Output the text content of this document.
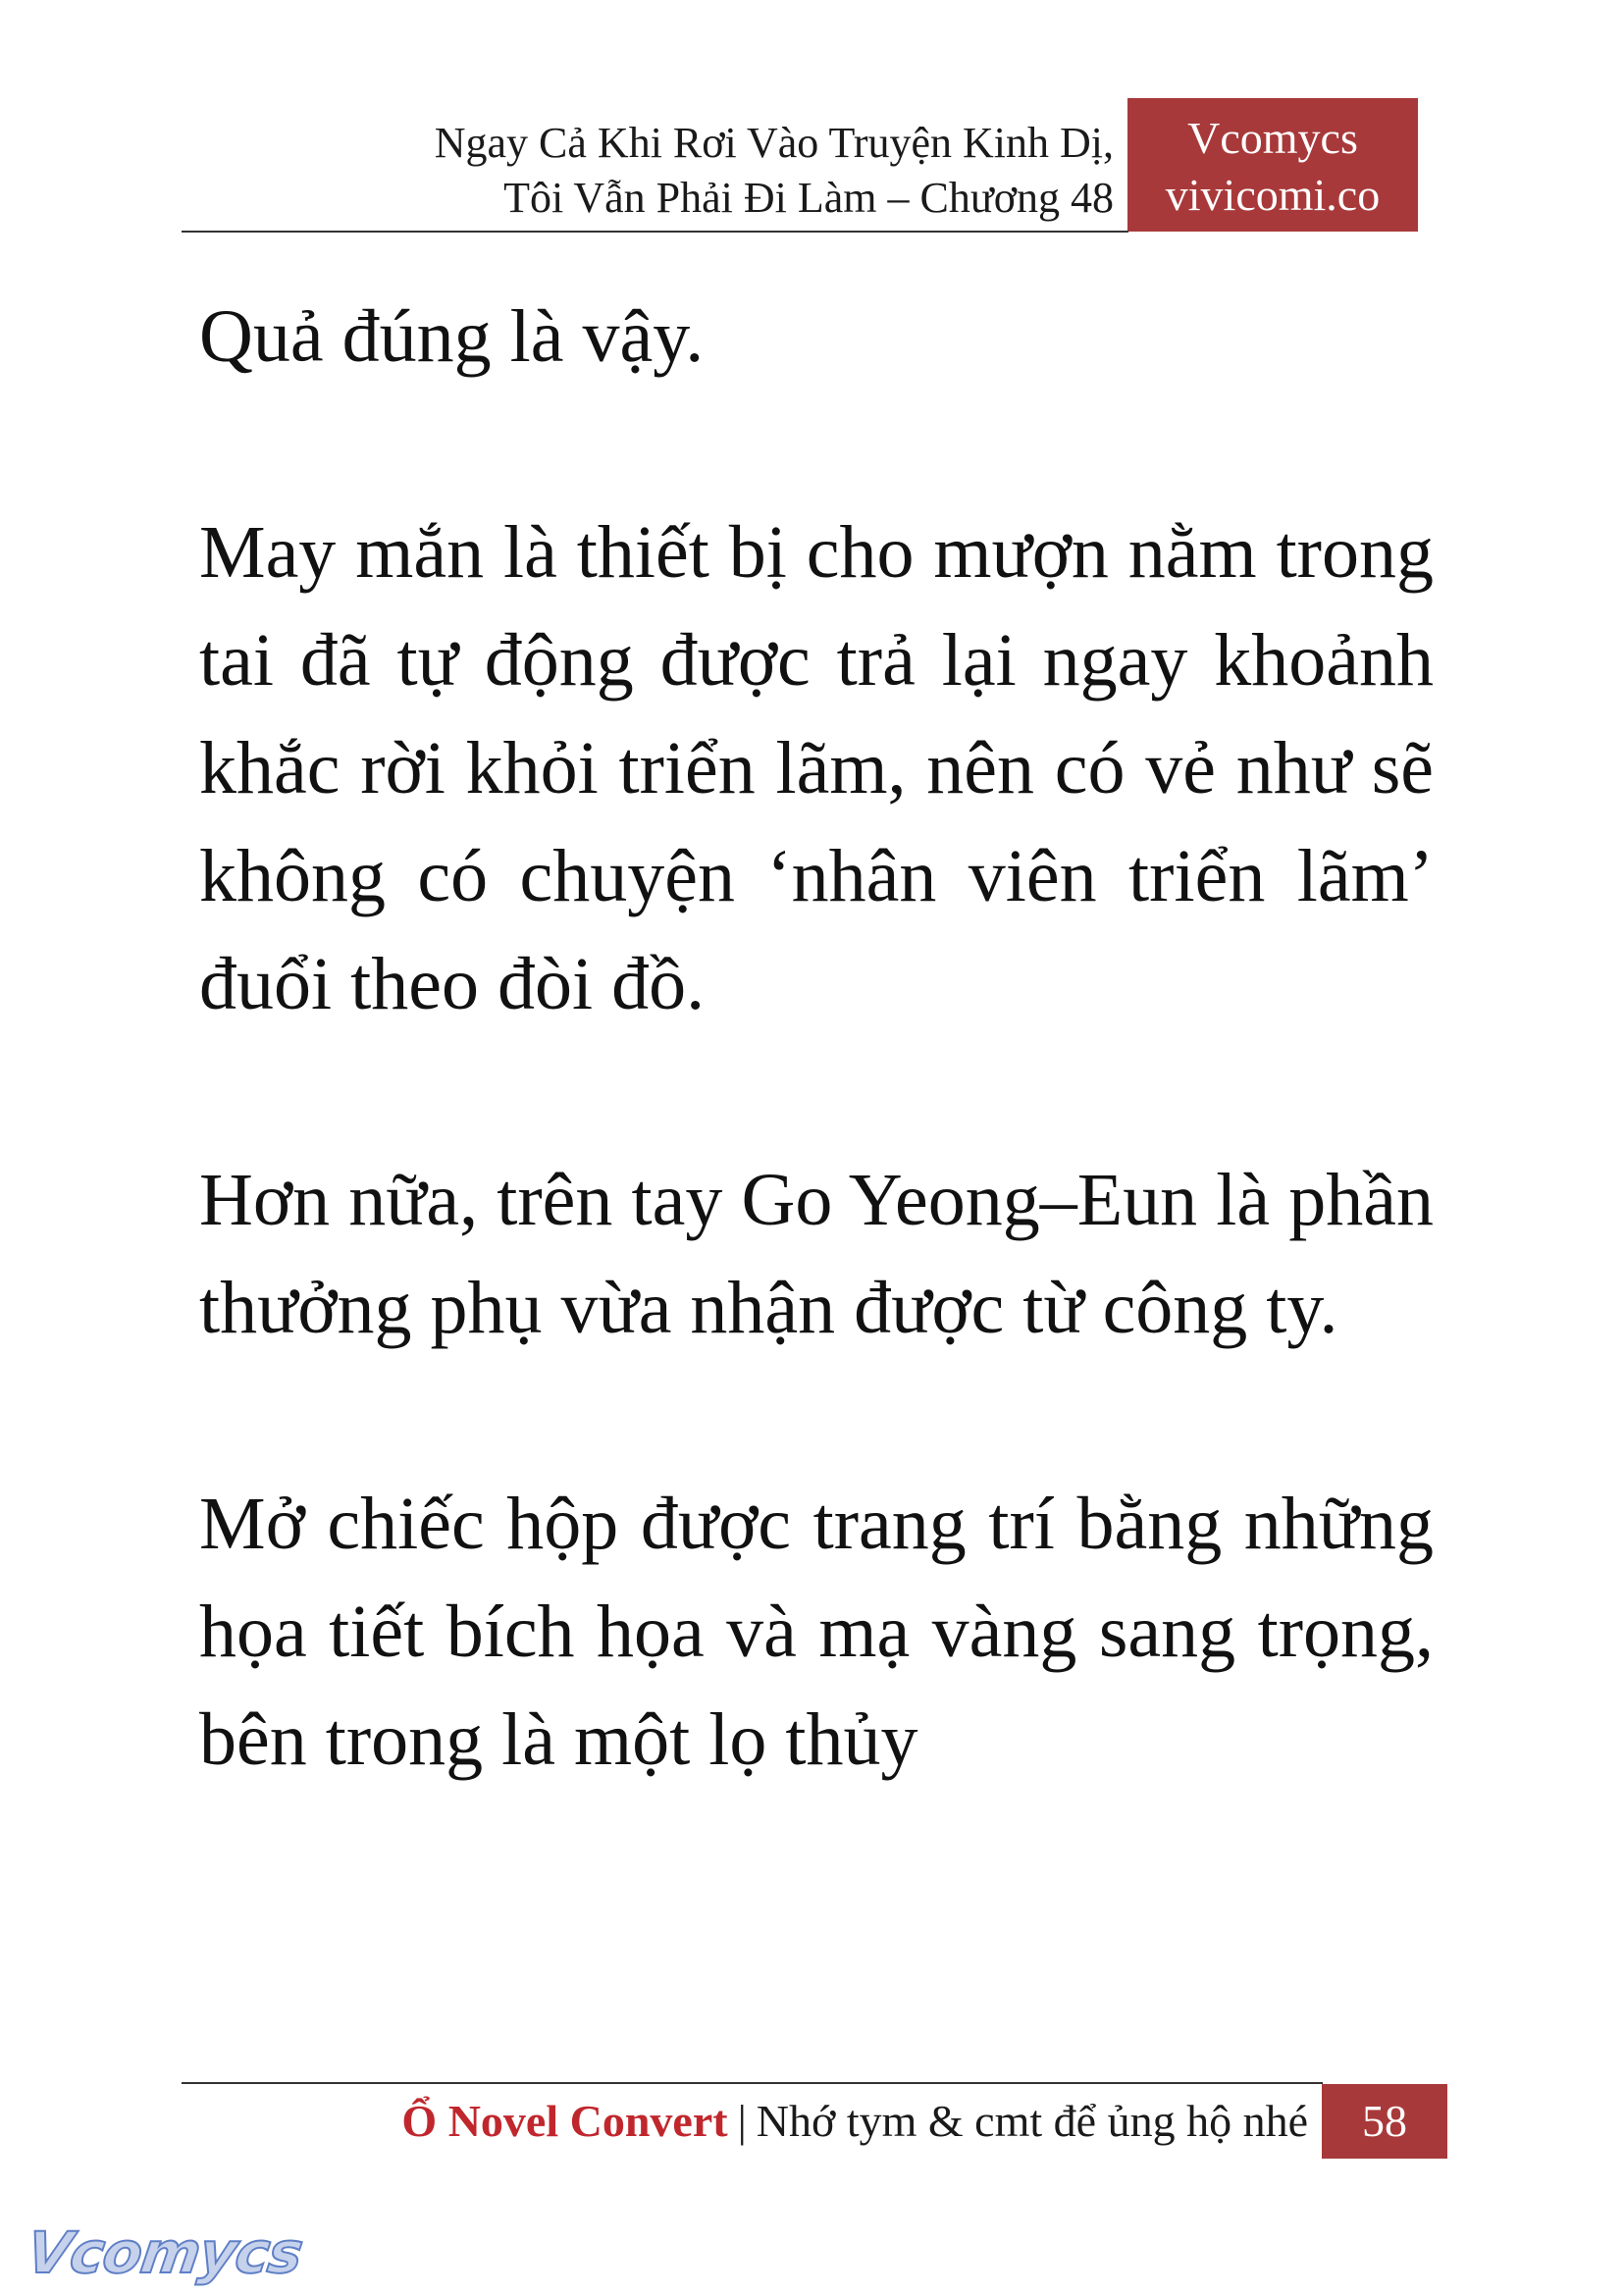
Ngay Cả Khi Rơi Vào Truyện Kinh Dị,
Tôi Vẫn Phải Đi Làm – Chương 48
Vcomycs
vivicomi.co

Quả đúng là vậy.

May mắn là thiết bị cho mượn nằm trong tai đã tự động được trả lại ngay khoảnh khắc rời khỏi triển lãm, nên có vẻ như sẽ không có chuyện ‘nhân viên triển lãm’ đuổi theo đòi đồ.

Hơn nữa, trên tay Go Yeong–Eun là phần thưởng phụ vừa nhận được từ công ty.

Mở chiếc hộp được trang trí bằng những họa tiết bích họa và mạ vàng sang trọng, bên trong là một lọ thủy

Ổ Novel Convert | Nhớ tym & cmt để ủng hộ nhé	58
Vcomycs
